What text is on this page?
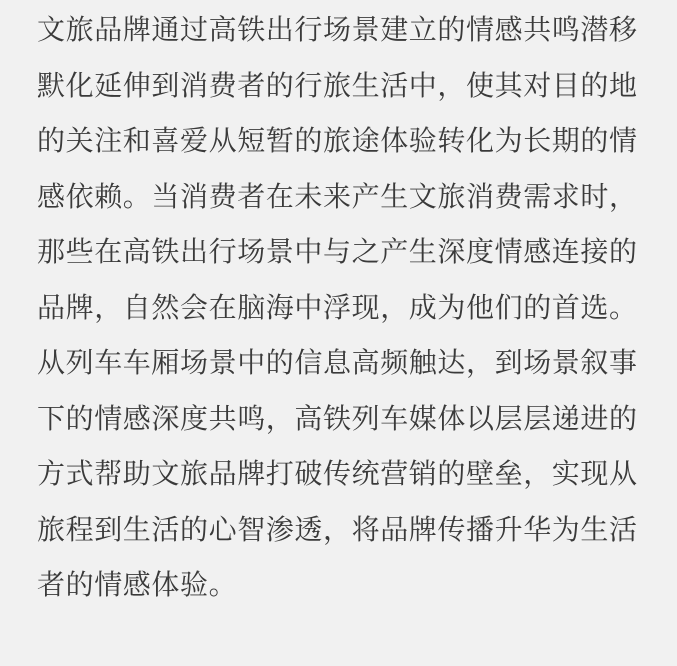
文旅品牌通过高铁出行场景建立的情感共鸣潜移
默化延伸到消费者的行旅生活中，使其对目的地
的关注和喜爱从短暂的旅途体验转化为长期的情
感依赖。当消费者在未来产生文旅消费需求时，
那些在高铁出行场景中与之产生深度情感连接的
品牌，自然会在脑海中浮现，成为他们的首选。
从列车车厢场景中的信息高频触达，到场景叙事
下的情感深度共鸣，高铁列车媒体以层层递进的
方式帮助文旅品牌打破传统营销的壁垒，实现从
旅程到生活的心智渗透，将品牌传播升华为生活
者的情感体验。
